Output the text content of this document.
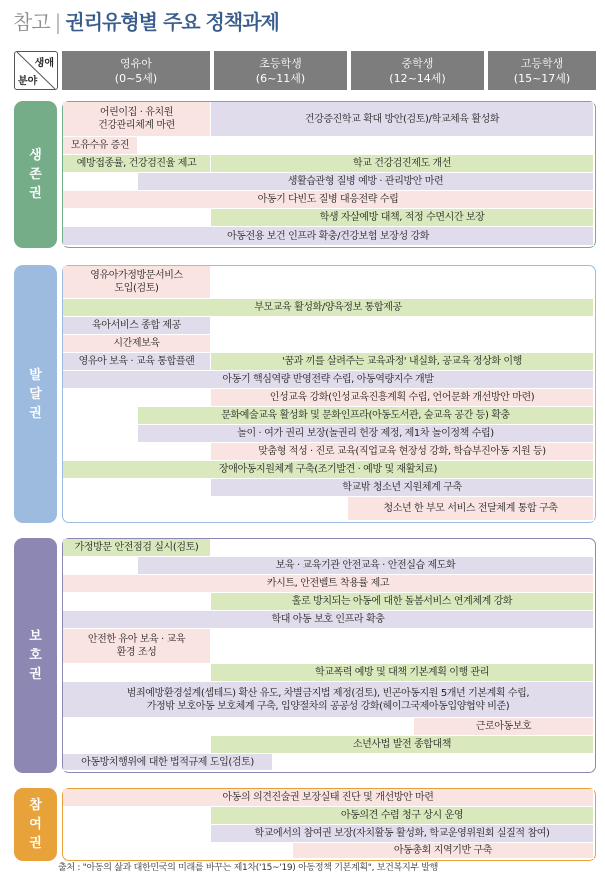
참고 | 권리유형별 주요 정책과제
생애
분야
영유아
(0~5세)
초등학생
(6~11세)
중학생
(12~14세)
고등학생
(15~17세)
생
존
권
어린이집 · 유치원
건강관리체계 마련
건강증진학교 확대 방안(검토)/학교체육 활성화
모유수유 증진
예방접종률, 건강검진율 제고	학교 건강검진제도 개선
생활습관형 질병 예방 · 관리방안 마련
아동기 다빈도 질병 대응전략 수립
학생 자살예방 대책, 적정 수면시간 보장
아동전용 보건 인프라 확충/건강보험 보장성 강화
발
달
권
영유아가정방문서비스
도입(검토)
부모교육 활성화/양육정보 통합제공
육아서비스 종합 제공
시간제보육
영유아 보육 · 교육 통합플랜	'꿈과 끼를 살려주는 교육과정' 내실화, 공교육 정상화 이행
아동기 핵심역량 반영전략 수립, 아동역량지수 개발
인성교육 강화(인성교육진흥계획 수립, 언어문화 개선방안 마련)
문화예술교육 활성화 및 문화인프라(아동도서관, 숲교육 공간 등) 확충
놀이 · 여가 권리 보장(놀권리 헌장 제정, 제1차 놀이정책 수립)
맞춤형 적성 · 진로 교육(직업교육 현장성 강화, 학습부진아동 지원 등)
장애아동지원체계 구축(조기발견 · 예방 및 재활치료)
학교밖 청소년 지원체계 구축
청소년 한 부모 서비스 전달체계 통합 구축
보
호
권
가정방문 안전점검 실시(검토)
보육 · 교육기관 안전교육 · 안전실습 제도화
카시트, 안전벨트 착용률 제고
홀로 방치되는 아동에 대한 돌봄서비스 연계체계 강화
학대 아동 보호 인프라 확충
안전한 유아 보육 · 교육
환경 조성
학교폭력 예방 및 대책 기본계획 이행 관리
범죄예방환경설계(셉테드) 확산 유도, 차별금지법 제정(검토), 빈곤아동지원 5개년 기본계획 수립,
가정밖 보호아동 보호체계 구축, 입양절차의 공공성 강화(헤이그국제아동입양협약 비준)
근로아동보호
소년사법 발전 종합대책
아동방치행위에 대한 법적규제 도입(검토)
참
여
권
아동의 의견진술권 보장실태 진단 및 개선방안 마련
아동의견 수렴 청구 상시 운영
학교에서의 참여권 보장(자치활동 활성화, 학교운영위원회 실질적 참여)
아동총회 지역기반 구축
출처 : "아동의 삶과 대한민국의 미래를 바꾸는 제1차('15~'19) 아동정책 기본계획", 보건복지부 발행
